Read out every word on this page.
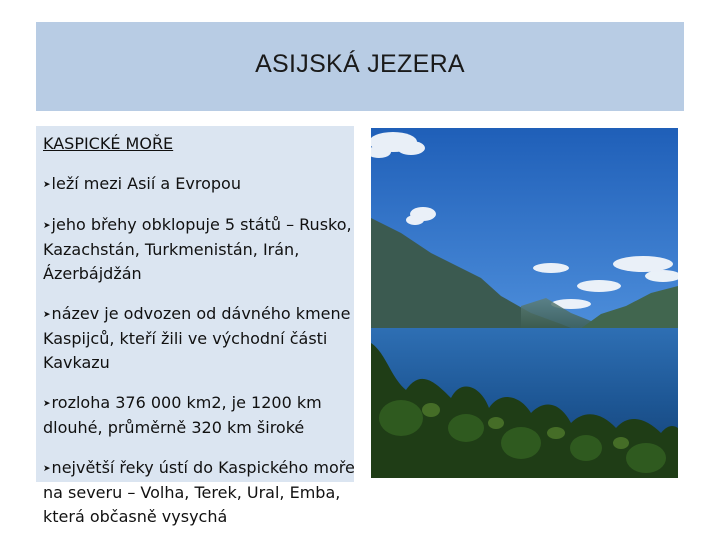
ASIJSKÁ JEZERA
KASPICKÉ MOŘE
➤leží mezi Asií a Evropou
➤jeho břehy obklopuje 5 států – Rusko, Kazachstán, Turkmenistán, Irán, Ázerbájdžán
➤název je odvozen od dávného kmene Kaspijců, kteří žili ve východní části Kavkazu
➤rozloha 376 000 km2, je 1200 km dlouhé, průměrně 320 km široké
➤největší řeky ústí do Kaspického moře na severu – Volha, Terek, Ural, Emba, která občasně vysychá
